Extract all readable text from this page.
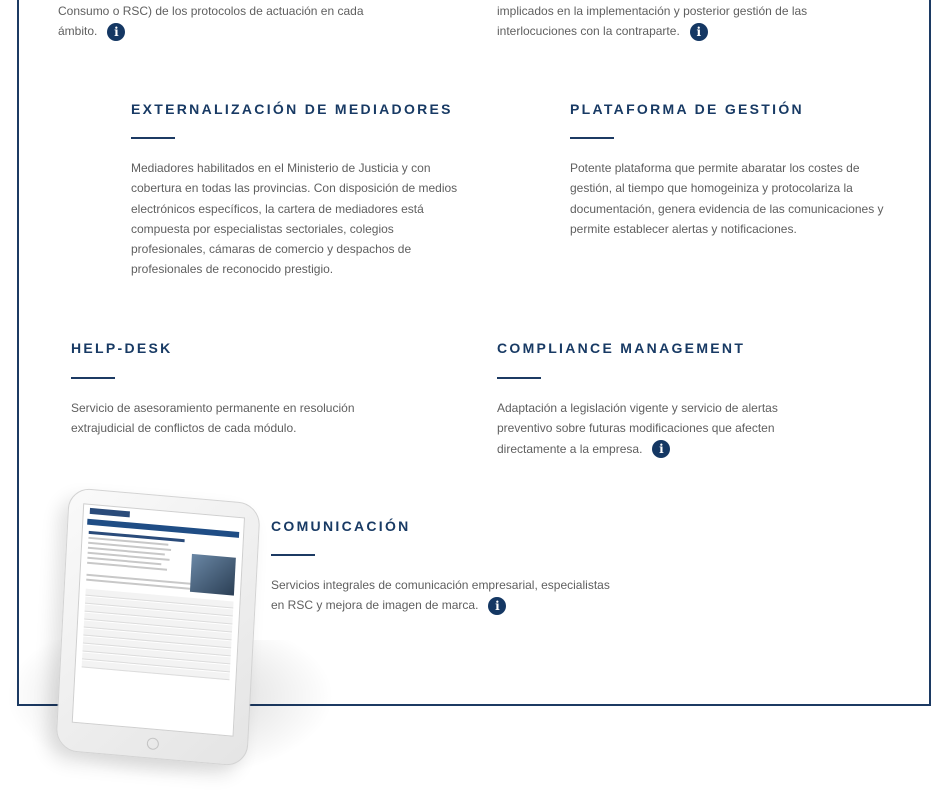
Consumo o RSC) de los protocolos de actuación en cada
ámbito. i
implicados en la implementación y posterior gestión de las
interlocuciones con la contraparte. i
EXTERNALIZACIÓN DE MEDIADORES
Mediadores habilitados en el Ministerio de Justicia y con
cobertura en todas las provincias. Con disposición de medios
electrónicos específicos, la cartera de mediadores está
compuesta por especialistas sectoriales, colegios
profesionales, cámaras de comercio y despachos de
profesionales de reconocido prestigio.
PLATAFORMA DE GESTIÓN
Potente plataforma que permite abaratar los costes de
gestión, al tiempo que homogeiniza y protocolariza la
documentación, genera evidencia de las comunicaciones y
permite establecer alertas y notificaciones.
HELP-DESK
Servicio de asesoramiento permanente en resolución
extrajudicial de conflictos de cada módulo.
COMPLIANCE MANAGEMENT
Adaptación a legislación vigente y servicio de alertas
preventivo sobre futuras modificaciones que afecten
directamente a la empresa. i
COMUNICACIÓN
Servicios integrales de comunicación empresarial, especialistas
en RSC y mejora de imagen de marca. i
